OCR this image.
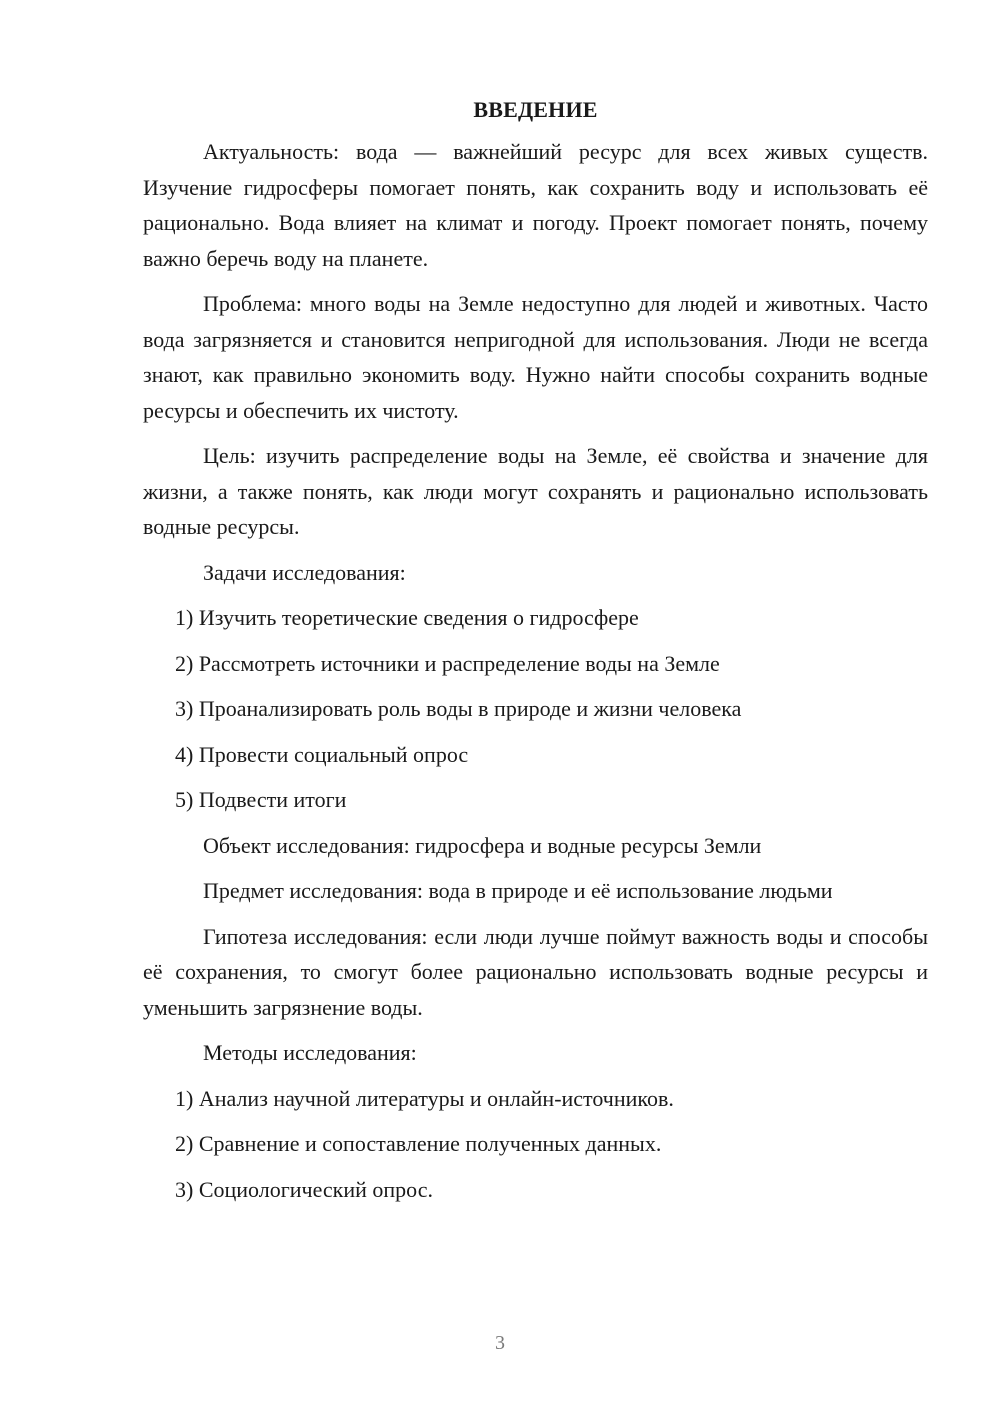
ВВЕДЕНИЕ

Актуальность: вода — важнейший ресурс для всех живых существ. Изучение гидросферы помогает понять, как сохранить воду и использовать её рационально. Вода влияет на климат и погоду. Проект помогает понять, почему важно беречь воду на планете.

Проблема: много воды на Земле недоступно для людей и животных. Часто вода загрязняется и становится непригодной для использования. Люди не всегда знают, как правильно экономить воду. Нужно найти способы сохранить водные ресурсы и обеспечить их чистоту.

Цель: изучить распределение воды на Земле, её свойства и значение для жизни, а также понять, как люди могут сохранять и рационально использовать водные ресурсы.

Задачи исследования:

1) Изучить теоретические сведения о гидросфере
2) Рассмотреть источники и распределение воды на Земле
3) Проанализировать роль воды в природе и жизни человека
4) Провести социальный опрос
5) Подвести итоги

Объект исследования: гидросфера и водные ресурсы Земли

Предмет исследования: вода в природе и её использование людьми

Гипотеза исследования: если люди лучше поймут важность воды и способы её сохранения, то смогут более рационально использовать водные ресурсы и уменьшить загрязнение воды.

Методы исследования:

1) Анализ научной литературы и онлайн-источников.
2) Сравнение и сопоставление полученных данных.
3) Социологический опрос.
3
